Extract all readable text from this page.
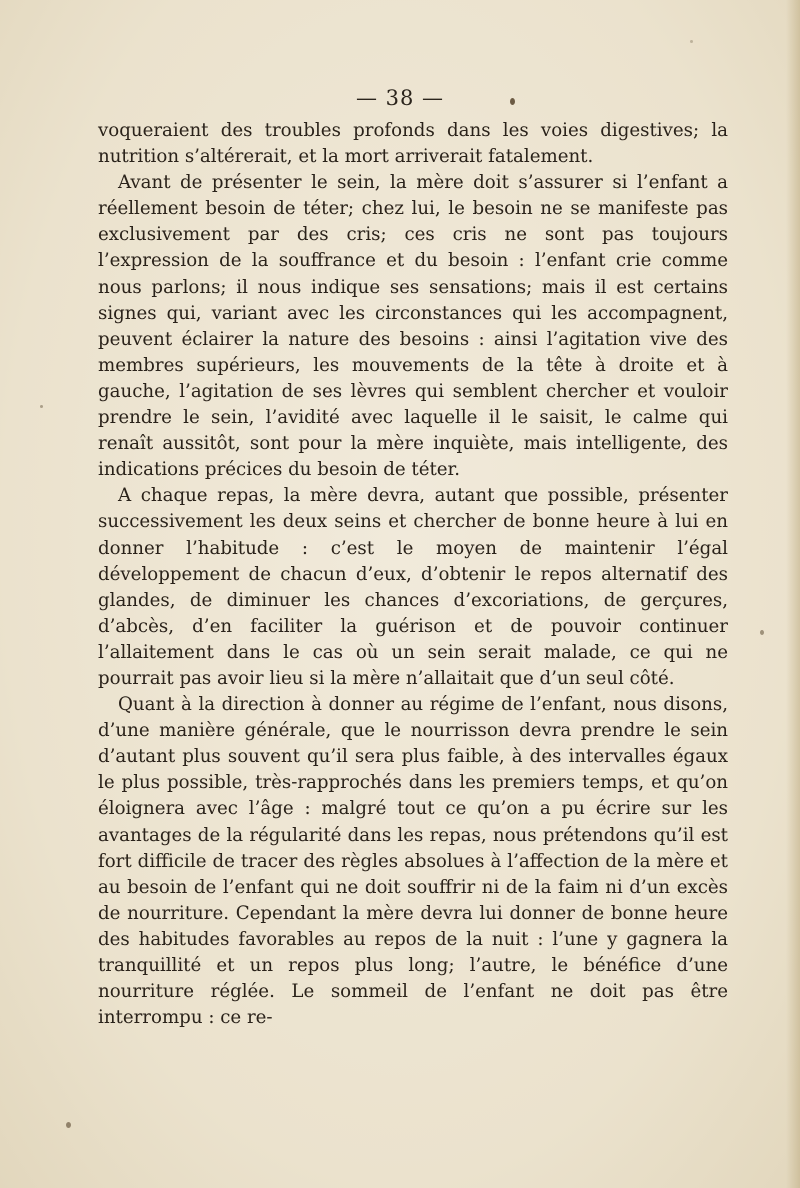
— 38 —

voqueraient des troubles profonds dans les voies digestives; la nutrition s’altérerait, et la mort arriverait fatalement.

Avant de présenter le sein, la mère doit s’assurer si l’enfant a réellement besoin de téter; chez lui, le besoin ne se manifeste pas exclusivement par des cris; ces cris ne sont pas toujours l’expression de la souffrance et du besoin : l’enfant crie comme nous parlons; il nous indique ses sensations; mais il est certains signes qui, variant avec les circonstances qui les accompagnent, peuvent éclairer la nature des besoins : ainsi l’agitation vive des membres supérieurs, les mouvements de la tête à droite et à gauche, l’agitation de ses lèvres qui semblent chercher et vouloir prendre le sein, l’avidité avec laquelle il le saisit, le calme qui renaît aussitôt, sont pour la mère inquiète, mais intelligente, des indications précices du besoin de téter.

A chaque repas, la mère devra, autant que possible, présenter successivement les deux seins et chercher de bonne heure à lui en donner l’habitude : c’est le moyen de maintenir l’égal développement de chacun d’eux, d’obtenir le repos alternatif des glandes, de diminuer les chances d’excoriations, de gerçures, d’abcès, d’en faciliter la guérison et de pouvoir continuer l’allaitement dans le cas où un sein serait malade, ce qui ne pourrait pas avoir lieu si la mère n’allaitait que d’un seul côté.

Quant à la direction à donner au régime de l’enfant, nous disons, d’une manière générale, que le nourrisson devra prendre le sein d’autant plus souvent qu’il sera plus faible, à des intervalles égaux le plus possible, très-rapprochés dans les premiers temps, et qu’on éloignera avec l’âge : malgré tout ce qu’on a pu écrire sur les avantages de la régularité dans les repas, nous prétendons qu’il est fort difficile de tracer des règles absolues à l’affection de la mère et au besoin de l’enfant qui ne doit souffrir ni de la faim ni d’un excès de nourriture. Cependant la mère devra lui donner de bonne heure des habitudes favorables au repos de la nuit : l’une y gagnera la tranquillité et un repos plus long; l’autre, le bénéfice d’une nourriture réglée. Le sommeil de l’enfant ne doit pas être interrompu : ce re-
